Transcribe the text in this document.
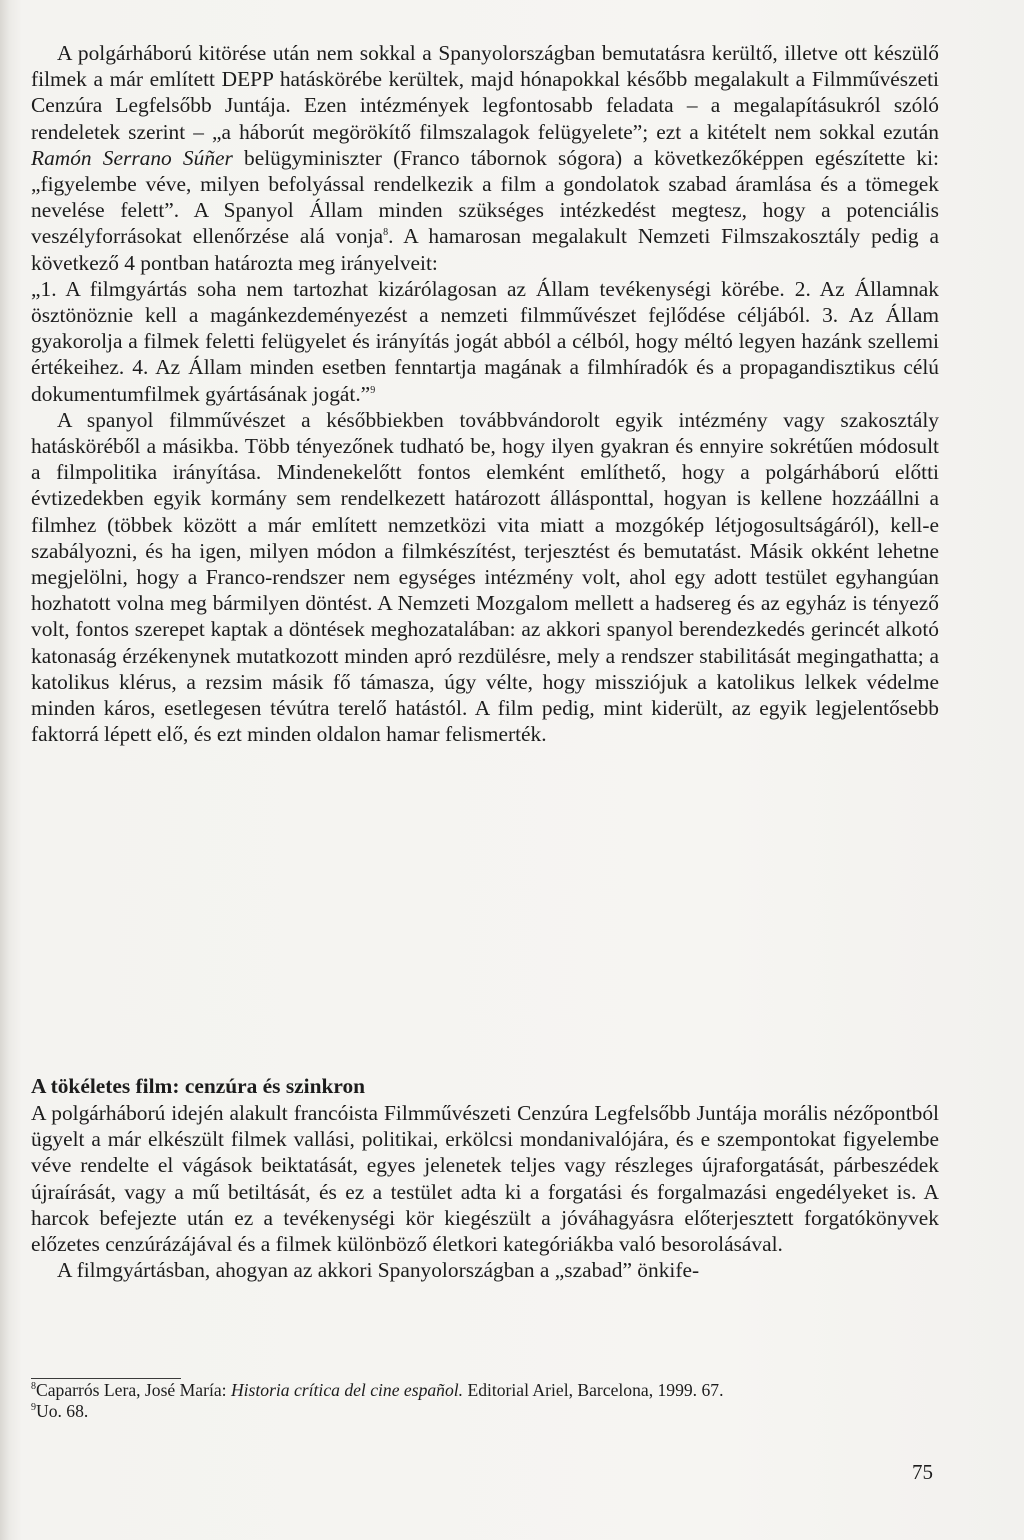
A polgárháború kitörése után nem sokkal a Spanyolországban bemutatásra kerültő, illetve ott készülő filmek a már említett DEPP hatáskörébe kerültek, majd hónapokkal később megalakult a Filmművészeti Cenzúra Legfelsőbb Juntája. Ezen intézmények legfontosabb feladata – a megalapításukról szóló rendeletek szerint – „a háborút megörökítő filmszalagok felügyelete”; ezt a kitételt nem sokkal ezután Ramón Serrano Súñer belügyminiszter (Franco tábornok sógora) a következőképpen egészítette ki: „figyelembe véve, milyen befolyással rendelkezik a film a gondolatok szabad áramlása és a tömegek nevelése felett”. A Spanyol Állam minden szükséges intézkedést megtesz, hogy a potenciális veszélyforrásokat ellenőrzése alá vonja$^8$. A hamarosan megalakult Nemzeti Filmszakosztály pedig a következő 4 pontban határozta meg irányelveit:

„1. A filmgyártás soha nem tartozhat kizárólagosan az Állam tevékenységi körébe. 2. Az Államnak ösztönöznie kell a magánkezdeményezést a nemzeti filmművészet fejlődése céljából. 3. Az Állam gyakorolja a filmek feletti felügyelet és irányítás jogát abból a célból, hogy méltó legyen hazánk szellemi értékeihez. 4. Az Állam minden esetben fenntartja magának a filmhíradók és a propagandisztikus célú dokumentumfilmek gyártásának jogát.”$^9$

A spanyol filmművészet a későbbiekben továbbvándorolt egyik intézmény vagy szakosztály hatásköréből a másikba. Több tényezőnek tudható be, hogy ilyen gyakran és ennyire sokrétűen módosult a filmpolitika irányítása. Mindenekelőtt fontos elemként említhető, hogy a polgárháború előtti évtizedekben egyik kormány sem rendelkezett határozott állásponttal, hogyan is kellene hozzáállni a filmhez (többek között a már említett nemzetközi vita miatt a mozgókép létjogosultságáról), kell-e szabályozni, és ha igen, milyen módon a filmkészítést, terjesztést és bemutatást. Másik okként lehetne megjelölni, hogy a Franco-rendszer nem egységes intézmény volt, ahol egy adott testület egyhangúan hozhatott volna meg bármilyen döntést. A Nemzeti Mozgalom mellett a hadsereg és az egyház is tényező volt, fontos szerepet kaptak a döntések meghozatalában: az akkori spanyol berendezkedés gerincét alkotó katonaság érzékenynek mutatkozott minden apró rezdülésre, mely a rendszer stabilitását megingathatta; a katolikus klérus, a rezsim másik fő támasza, úgy vélte, hogy missziójuk a katolikus lelkek védelme minden káros, esetlegesen tévútra terelő hatástól. A film pedig, mint kiderült, az egyik legjelentősebb faktorrá lépett elő, és ezt minden oldalon hamar felismerték.

A tökéletes film: cenzúra és szinkron

A polgárháború idején alakult francóista Filmművészeti Cenzúra Legfelsőbb Juntája morális nézőpontból ügyelt a már elkészült filmek vallási, politikai, erkölcsi mondanivalójára, és e szempontokat figyelembe véve rendelte el vágások beiktatását, egyes jelenetek teljes vagy részleges újraforgatását, párbeszédek újraírását, vagy a mű betiltását, és ez a testület adta ki a forgatási és forgalmazási engedélyeket is. A harcok befejezte után ez a tevékenységi kör kiegészült a jóváhagyásra előterjesztett forgatókönyvek előzetes cenzúrázájával és a filmek különböző életkori kategóriákba való besorolásával.

A filmgyártásban, ahogyan az akkori Spanyolországban a „szabad” önkife-

$^8$Caparrós Lera, José María: Historia crítica del cine español. Editorial Ariel, Barcelona, 1999. 67.
$^9$Uo. 68.
75
